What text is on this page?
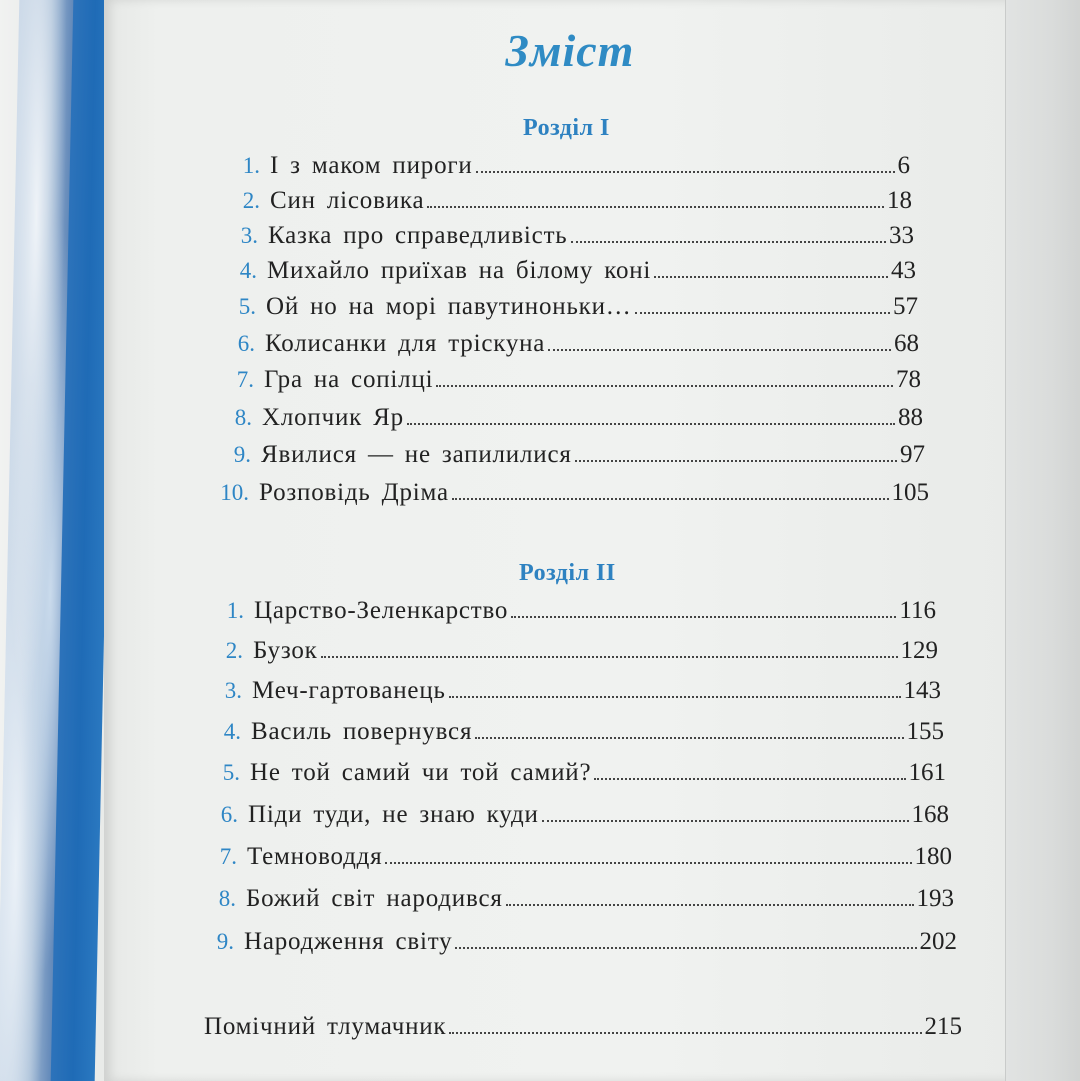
Зміст
Розділ I
1. І з маком пироги	6
2. Син лісовика	18
3. Казка про справедливість	33
4. Михайло приїхав на білому коні	43
5. Ой но на морі павутиноньки…	57
6. Колисанки для тріскуна	68
7. Гра на сопілці	78
8. Хлопчик Яр	88
9. Явилися — не запилилися	97
10. Розповідь Дріма	105
Розділ II
1. Царство-Зеленкарство	116
2. Бузок	129
3. Меч-гартованець	143
4. Василь повернувся	155
5. Не той самий чи той самий?	161
6. Піди туди, не знаю куди	168
7. Темноводдя	180
8. Божий світ народився	193
9. Народження світу	202
Помічний тлумачник	215
